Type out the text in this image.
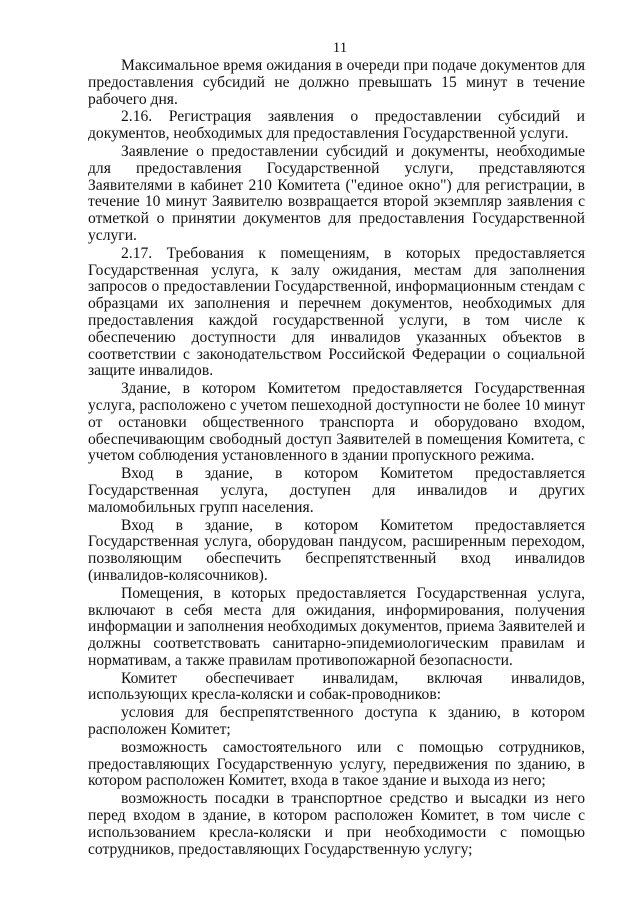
11

Максимальное время ожидания в очереди при подаче документов для предоставления субсидий не должно превышать 15 минут в течение рабочего дня.

2.16. Регистрация заявления о предоставлении субсидий и документов, необходимых для предоставления Государственной услуги.

Заявление о предоставлении субсидий и документы, необходимые для предоставления Государственной услуги, представляются Заявителями в кабинет 210 Комитета ("единое окно") для регистрации, в течение 10 минут Заявителю возвращается второй экземпляр заявления с отметкой о принятии документов для предоставления Государственной услуги.

2.17. Требования к помещениям, в которых предоставляется Государственная услуга, к залу ожидания, местам для заполнения запросов о предоставлении Государственной, информационным стендам с образцами их заполнения и перечнем документов, необходимых для предоставления каждой государственной услуги, в том числе к обеспечению доступности для инвалидов указанных объектов в соответствии с законодательством Российской Федерации о социальной защите инвалидов.

Здание, в котором Комитетом предоставляется Государственная услуга, расположено с учетом пешеходной доступности не более 10 минут от остановки общественного транспорта и оборудовано входом, обеспечивающим свободный доступ Заявителей в помещения Комитета, с учетом соблюдения установленного в здании пропускного режима.

Вход в здание, в котором Комитетом предоставляется Государственная услуга, доступен для инвалидов и других маломобильных групп населения.

Вход в здание, в котором Комитетом предоставляется Государственная услуга, оборудован пандусом, расширенным переходом, позволяющим обеспечить беспрепятственный вход инвалидов (инвалидов-колясочников).

Помещения, в которых предоставляется Государственная услуга, включают в себя места для ожидания, информирования, получения информации и заполнения необходимых документов, приема Заявителей и должны соответствовать санитарно-эпидемиологическим правилам и нормативам, а также правилам противопожарной безопасности.

Комитет обеспечивает инвалидам, включая инвалидов, использующих кресла-коляски и собак-проводников:

условия для беспрепятственного доступа к зданию, в котором расположен Комитет;

возможность самостоятельного или с помощью сотрудников, предоставляющих Государственную услугу, передвижения по зданию, в котором расположен Комитет, входа в такое здание и выхода из него;

возможность посадки в транспортное средство и высадки из него перед входом в здание, в котором расположен Комитет, в том числе с использованием кресла-коляски и при необходимости с помощью сотрудников, предоставляющих Государственную услугу;
